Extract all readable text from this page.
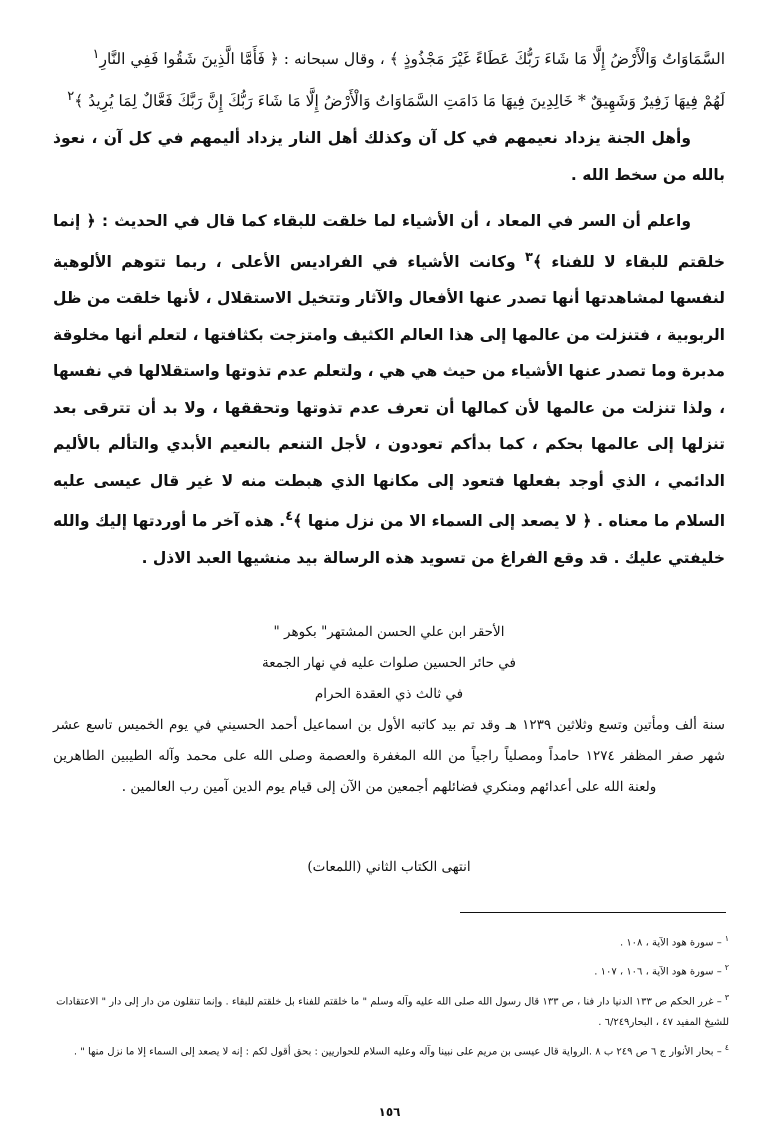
السَّمَاوَاتُ وَالْأَرْضُ إِلَّا مَا شَاءَ رَبُّكَ عَطَاءً غَيْرَ مَجْذُوذٍ ﴾ ، وقال سبحانه : ﴿ فَأَمَّا الَّذِينَ شَقُوا فَفِي النَّارِ$^١$

لَهُمْ فِيهَا زَفِيرٌ وَشَهِيقٌ * خَالِدِينَ فِيهَا مَا دَامَتِ السَّمَاوَاتُ وَالْأَرْضُ إِلَّا مَا شَاءَ رَبُّكَ إِنَّ رَبَّكَ فَعَّالٌ لِمَا يُرِيدُ ﴾$^٢$

وأهل الجنة يزداد نعيمهم في كل آن وكذلك أهل النار يزداد أليمهم في كل آن ، نعوذ بالله من سخط الله .

واعلم أن السر في المعاد ، أن الأشياء لما خلقت للبقاء كما قال في الحديث : ﴿ إنما خلقتم للبقاء لا للفناء ﴾$^٣$ وكانت الأشياء في الفراديس الأعلى ، ربما تتوهم الألوهية لنفسها لمشاهدتها أنها تصدر عنها الأفعال والآثار وتتخيل الاستقلال ، لأنها خلقت من ظل الربوبية ، فتنزلت من عالمها إلى هذا العالم الكثيف وامتزجت بكثافتها ، لتعلم أنها مخلوقة مدبرة وما تصدر عنها الأشياء من حيث هي هي ، ولتعلم عدم تذوتها واستقلالها في نفسها ، ولذا تنزلت من عالمها لأن كمالها أن تعرف عدم تذوتها وتحققها ، ولا بد أن تترقى بعد تنزلها إلى عالمها بحكم ، كما بدأكم تعودون ، لأجل التنعم بالنعيم الأبدي والتألم بالأليم الدائمي ، الذي أوجد بفعلها فتعود إلى مكانها الذي هبطت منه لا غير قال عيسى عليه السلام ما معناه . ﴿ لا يصعد إلى السماء الا من نزل منها ﴾$^٤$. هذه آخر ما أوردتها إليك والله خليفتي عليك . قد وقع الفراغ من تسويد هذه الرسالة بيد منشيها العبد الاذل .

الأحقر ابن علي الحسن المشتهر" بكوهر "

في حائر الحسين صلوات عليه في نهار الجمعة

في ثالث ذي العقدة الحرام

سنة ألف ومأتين وتسع وثلاثين ١٢٣٩ هـ وقد تم بيد كاتبه الأول بن اسماعيل أحمد الحسيني في يوم الخميس تاسع عشر شهر صفر المظفر ١٢٧٤ حامداً ومصلياً راجياً من الله المغفرة والعصمة وصلى الله على محمد وآله الطيبين الطاهرين ولعنة الله على أعدائهم ومنكري فضائلهم أجمعين من الآن إلى قيام يوم الدين آمين رب العالمين .

انتهى الكتاب الثاني (اللمعات)

$^١$– سورة هود الآية ، ١٠٨ .

$^٢$– سورة هود الآية ، ١٠٦ ، ١٠٧ .

$^٣$– غرر الحكم ص ١٣٣ الدنيا دار فنا ، ص ١٣٣ قال رسول الله صلى الله عليه وآله وسلم " ما خلقتم للفناء بل خلقتم للبقاء . وإنما تنقلون من دار إلى دار " الاعتقادات للشيخ المفيد ٤٧ ، البحار٦/٢٤٩ .

$^٤$– بحار الأنوار ج ٦ ص ٢٤٩ ب ٨ .الرواية قال عيسى بن مريم على نبينا وآله وعليه السلام للحواريين : بحق أقول لكم : إنه لا يصعد إلى السماء إلا ما نزل منها " .

١٥٦
